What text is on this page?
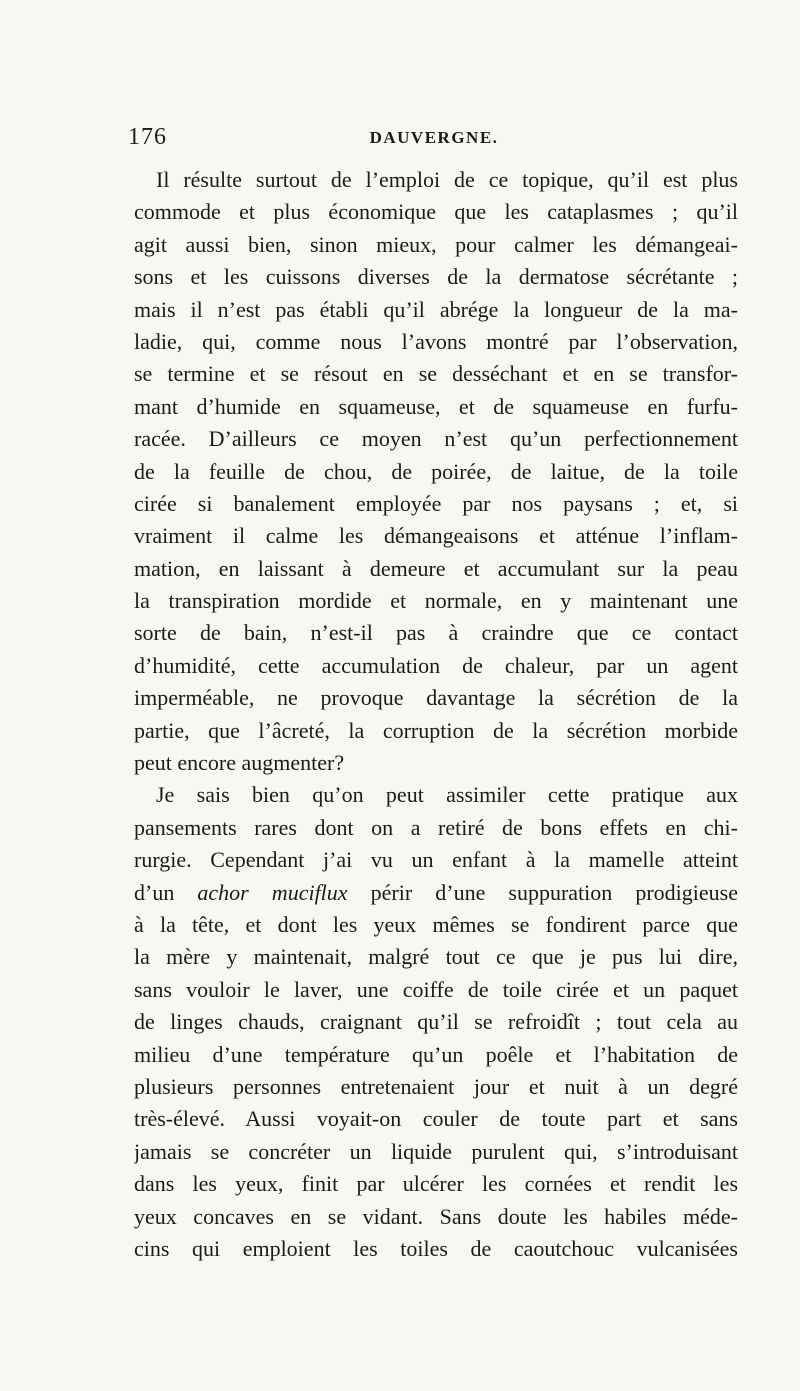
176	DAUVERGNE.
Il résulte surtout de l’emploi de ce topique, qu’il est plus
commode et plus économique que les cataplasmes ; qu’il
agit aussi bien, sinon mieux, pour calmer les démangeai-
sons et les cuissons diverses de la dermatose sécrétante ;
mais il n’est pas établi qu’il abrége la longueur de la ma-
ladie, qui, comme nous l’avons montré par l’observation,
se termine et se résout en se desséchant et en se transfor-
mant d’humide en squameuse, et de squameuse en furfu-
racée. D’ailleurs ce moyen n’est qu’un perfectionnement
de la feuille de chou, de poirée, de laitue, de la toile
cirée si banalement employée par nos paysans ; et, si
vraiment il calme les démangeaisons et atténue l’inflam-
mation, en laissant à demeure et accumulant sur la peau
la transpiration mordide et normale, en y maintenant une
sorte de bain, n’est-il pas à craindre que ce contact
d’humidité, cette accumulation de chaleur, par un agent
imperméable, ne provoque davantage la sécrétion de la
partie, que l’âcreté, la corruption de la sécrétion morbide
peut encore augmenter?
Je sais bien qu’on peut assimiler cette pratique aux
pansements rares dont on a retiré de bons effets en chi-
rurgie. Cependant j’ai vu un enfant à la mamelle atteint
d’un achor muciflux périr d’une suppuration prodigieuse
à la tête, et dont les yeux mêmes se fondirent parce que
la mère y maintenait, malgré tout ce que je pus lui dire,
sans vouloir le laver, une coiffe de toile cirée et un paquet
de linges chauds, craignant qu’il se refroidît ; tout cela au
milieu d’une température qu’un poêle et l’habitation de
plusieurs personnes entretenaient jour et nuit à un degré
très-élevé. Aussi voyait-on couler de toute part et sans
jamais se concréter un liquide purulent qui, s’introduisant
dans les yeux, finit par ulcérer les cornées et rendit les
yeux concaves en se vidant. Sans doute les habiles méde-
cins qui emploient les toiles de caoutchouc vulcanisées
